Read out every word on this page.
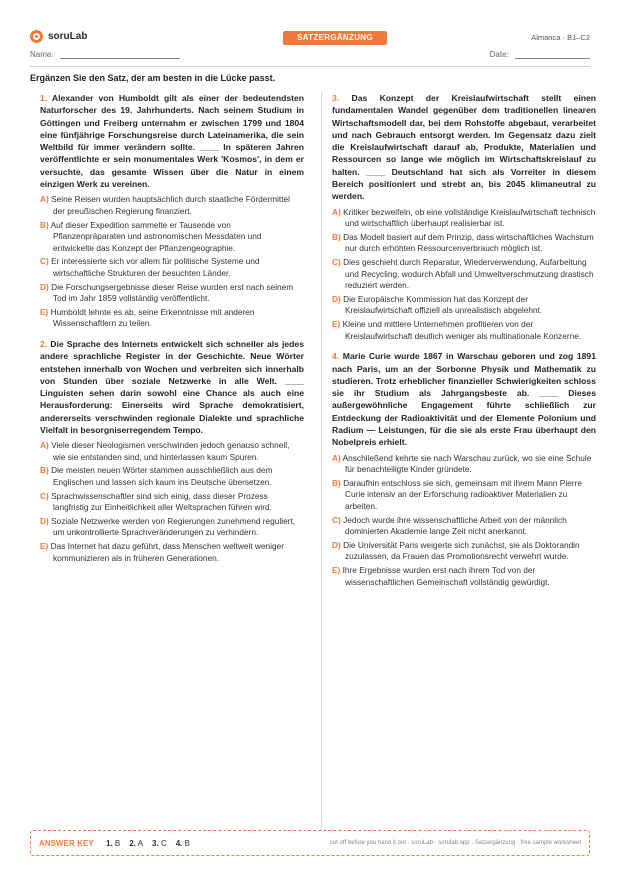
soruLab	SATZERGÄNZUNG	Almanca · B1–C2
Name:	Date:
Ergänzen Sie den Satz, der am besten in die Lücke passt.
1. Alexander von Humboldt gilt als einer der bedeutendsten Naturforscher des 19. Jahrhunderts. Nach seinem Studium in Göttingen und Freiberg unternahm er zwischen 1799 und 1804 eine fünfjährige Forschungsreise durch Lateinamerika, die sein Weltbild für immer verändern sollte. ____ In späteren Jahren veröffentlichte er sein monumentales Werk 'Kosmos', in dem er versuchte, das gesamte Wissen über die Natur in einem einzigen Werk zu vereinen.
A) Seine Reisen wurden hauptsächlich durch staatliche Fördermittel der preußischen Regierung finanziert.
B) Auf dieser Expedition sammelte er Tausende von Pflanzenpräparaten und astronomischen Messdaten und entwickelte das Konzept der Pflanzengeographie.
C) Er interessierte sich vor allem für politische Systeme und wirtschaftliche Strukturen der besuchten Länder.
D) Die Forschungsergebnisse dieser Reise wurden erst nach seinem Tod im Jahr 1859 vollständig veröffentlicht.
E) Humboldt lehnte es ab, seine Erkenntnisse mit anderen Wissenschaftlern zu teilen.
2. Die Sprache des Internets entwickelt sich schneller als jedes andere sprachliche Register in der Geschichte. Neue Wörter entstehen innerhalb von Wochen und verbreiten sich innerhalb von Stunden über soziale Netzwerke in alle Welt. ____ Linguisten sehen darin sowohl eine Chance als auch eine Herausforderung: Einerseits wird Sprache demokratisiert, andererseits verschwinden regionale Dialekte und sprachliche Vielfalt in besorgniserregendem Tempo.
A) Viele dieser Neologismen verschwinden jedoch genauso schnell, wie sie entstanden sind, und hinterlassen kaum Spuren.
B) Die meisten neuen Wörter stammen ausschließlich aus dem Englischen und lassen sich kaum ins Deutsche übersetzen.
C) Sprachwissenschaftler sind sich einig, dass dieser Prozess langfristig zur Einheitlichkeit aller Weltsprachen führen wird.
D) Soziale Netzwerke werden von Regierungen zunehmend reguliert, um unkontrollierte Sprachveränderungen zu verhindern.
E) Das Internet hat dazu geführt, dass Menschen weltweit weniger kommunizieren als in früheren Generationen.
3. Das Konzept der Kreislaufwirtschaft stellt einen fundamentalen Wandel gegenüber dem traditionellen linearen Wirtschaftsmodell dar, bei dem Rohstoffe abgebaut, verarbeitet und nach Gebrauch entsorgt werden. Im Gegensatz dazu zielt die Kreislaufwirtschaft darauf ab, Produkte, Materialien und Ressourcen so lange wie möglich im Wirtschaftskreislauf zu halten. ____ Deutschland hat sich als Vorreiter in diesem Bereich positioniert und strebt an, bis 2045 klimaneutral zu werden.
A) Kritiker bezweifeln, ob eine vollständige Kreislaufwirtschaft technisch und wirtschaftlich überhaupt realisierbar ist.
B) Das Modell basiert auf dem Prinzip, dass wirtschaftliches Wachstum nur durch erhöhten Ressourcenverbrauch möglich ist.
C) Dies geschieht durch Reparatur, Wiederverwendung, Aufarbeitung und Recycling, wodurch Abfall und Umweltverschmutzung drastisch reduziert werden.
D) Die Europäische Kommission hat das Konzept der Kreislaufwirtschaft offiziell als unrealistisch abgelehnt.
E) Kleine und mittlere Unternehmen profitieren von der Kreislaufwirtschaft deutlich weniger als multinationale Konzerne.
4. Marie Curie wurde 1867 in Warschau geboren und zog 1891 nach Paris, um an der Sorbonne Physik und Mathematik zu studieren. Trotz erheblicher finanzieller Schwierigkeiten schloss sie ihr Studium als Jahrgangsbeste ab. ____ Dieses außergewöhnliche Engagement führte schließlich zur Entdeckung der Radioaktivität und der Elemente Polonium und Radium — Leistungen, für die sie als erste Frau überhaupt den Nobelpreis erhielt.
A) Anschließend kehrte sie nach Warschau zurück, wo sie eine Schule für benachteiligte Kinder gründete.
B) Daraufhin entschloss sie sich, gemeinsam mit ihrem Mann Pierre Curie intensiv an der Erforschung radioaktiver Materialien zu arbeiten.
C) Jedoch wurde ihre wissenschaftliche Arbeit von der männlich dominierten Akademie lange Zeit nicht anerkannt.
D) Die Universität Paris weigerte sich zunächst, sie als Doktorandin zuzulassen, da Frauen das Promotionsrecht verwehrt wurde.
E) Ihre Ergebnisse wurden erst nach ihrem Tod von der wissenschaftlichen Gemeinschaft vollständig gewürdigt.
ANSWER KEY 1. B 2. A 3. C 4. B	cut off before you hand it out · soruLab · sorulab.app · Satzergänzung · free sample worksheet
